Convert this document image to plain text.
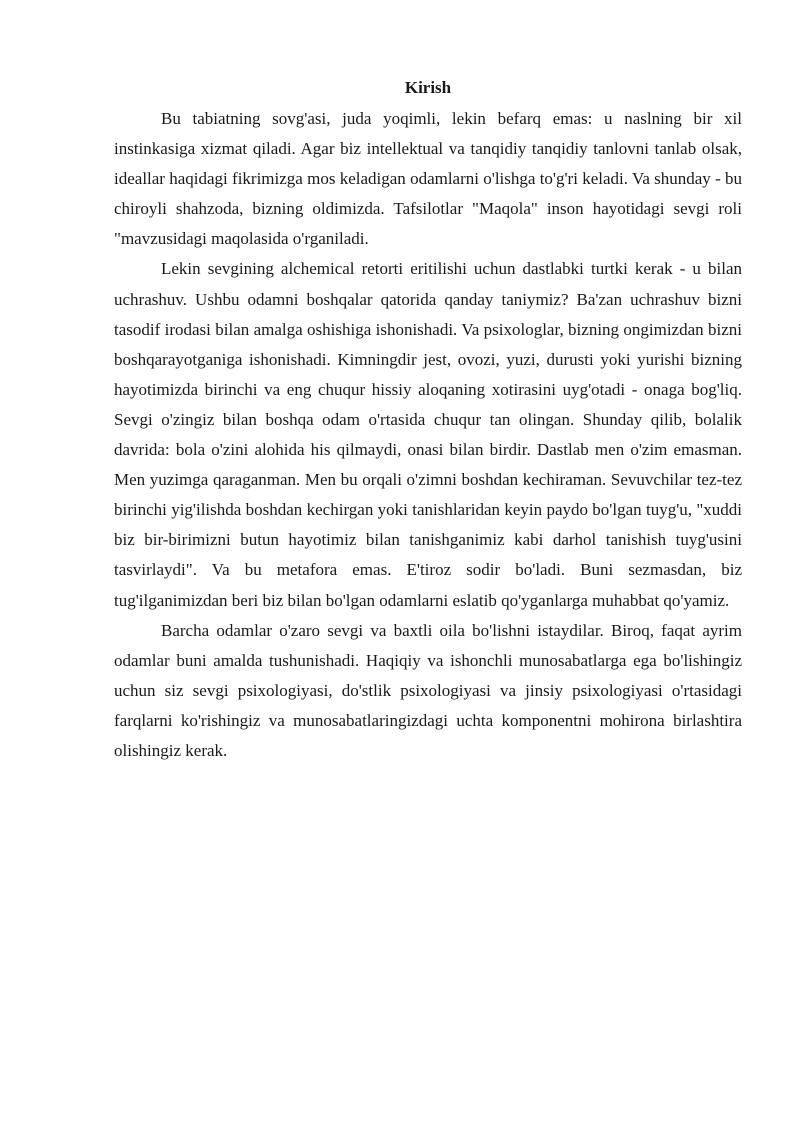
Kirish

Bu tabiatning sovg'asi, juda yoqimli, lekin befarq emas: u naslning bir xil instinkasiga xizmat qiladi. Agar biz intellektual va tanqidiy tanqidiy tanlovni tanlab olsak, ideallar haqidagi fikrimizga mos keladigan odamlarni o'lishga to'g'ri keladi. Va shunday - bu chiroyli shahzoda, bizning oldimizda. Tafsilotlar "Maqola" inson hayotidagi sevgi roli "mavzusidagi maqolasida o'rganiladi.

Lekin sevgining alchemical retorti eritilishi uchun dastlabki turtki kerak - u bilan uchrashuv. Ushbu odamni boshqalar qatorida qanday taniymiz? Ba'zan uchrashuv bizni tasodif irodasi bilan amalga oshishiga ishonishadi. Va psixologlar, bizning ongimizdan bizni boshqarayotganiga ishonishadi. Kimningdir jest, ovozi, yuzi, durusti yoki yurishi bizning hayotimizda birinchi va eng chuqur hissiy aloqaning xotirasini uyg'otadi - onaga bog'liq. Sevgi o'zingiz bilan boshqa odam o'rtasida chuqur tan olingan. Shunday qilib, bolalik davrida: bola o'zini alohida his qilmaydi, onasi bilan birdir. Dastlab men o'zim emasman. Men yuzimga qaraganman. Men bu orqali o'zimni boshdan kechiraman. Sevuvchilar tez-tez birinchi yig'ilishda boshdan kechirgan yoki tanishlaridan keyin paydo bo'lgan tuyg'u, "xuddi biz bir-birimizni butun hayotimiz bilan tanishganimiz kabi darhol tanishish tuyg'usini tasvirlaydi". Va bu metafora emas. E'tiroz sodir bo'ladi. Buni sezmasdan, biz tug'ilganimizdan beri biz bilan bo'lgan odamlarni eslatib qo'yganlarga muhabbat qo'yamiz.

Barcha odamlar o'zaro sevgi va baxtli oila bo'lishni istaydilar. Biroq, faqat ayrim odamlar buni amalda tushunishadi. Haqiqiy va ishonchli munosabatlarga ega bo'lishingiz uchun siz sevgi psixologiyasi, do'stlik psixologiyasi va jinsiy psixologiyasi o'rtasidagi farqlarni ko'rishingiz va munosabatlaringizdagi uchta komponentni mohirona birlashtira olishingiz kerak.
